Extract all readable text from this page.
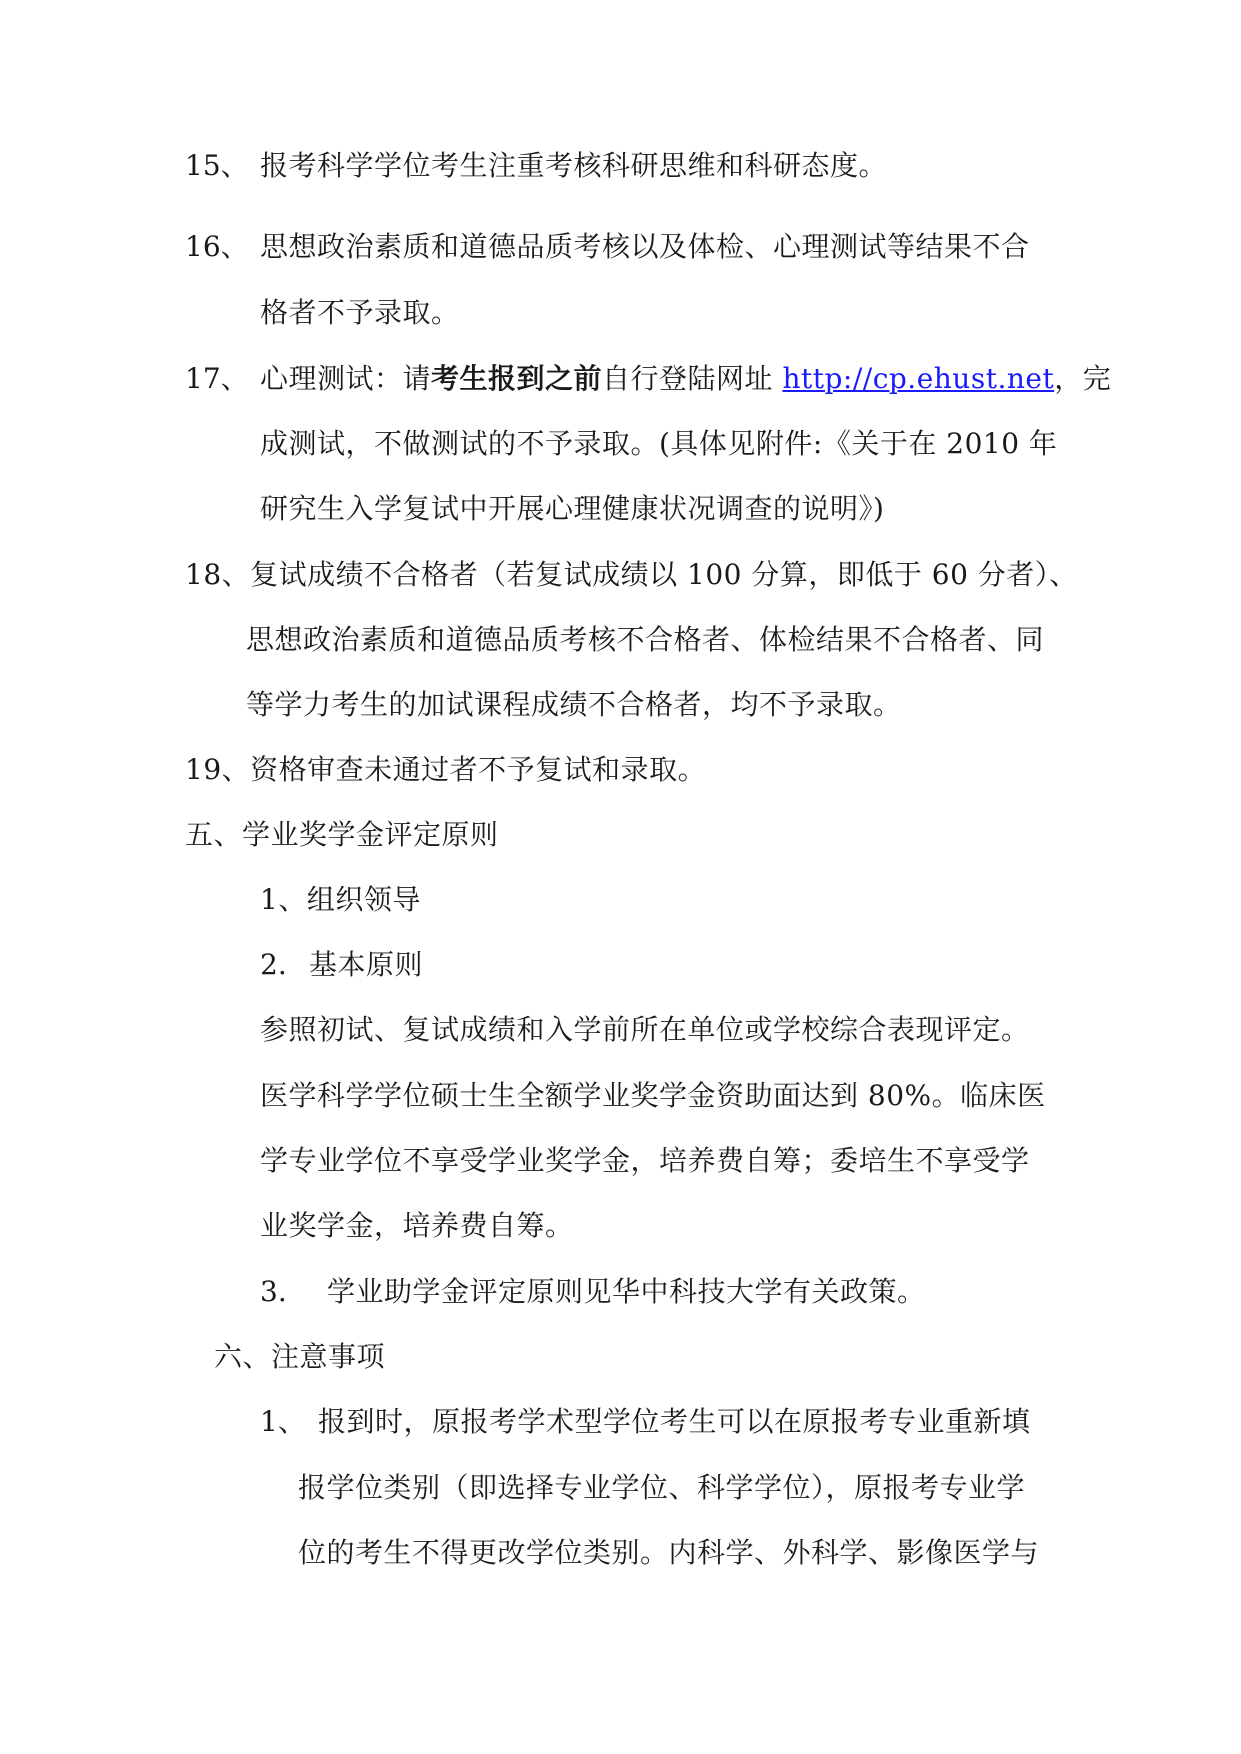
15、 报考科学学位考生注重考核科研思维和科研态度。
16、 思想政治素质和道德品质考核以及体检、心理测试等结果不合
格者不予录取。
17、 心理测试：请考生报到之前自行登陆网址 http://cp.ehust.net，完
成测试，不做测试的不予录取。(具体见附件:《关于在 2010 年
研究生入学复试中开展心理健康状况调查的说明》)
18、复试成绩不合格者（若复试成绩以 100 分算，即低于 60 分者）、
思想政治素质和道德品质考核不合格者、体检结果不合格者、同
等学力考生的加试课程成绩不合格者，均不予录取。
19、资格审查未通过者不予复试和录取。
五、学业奖学金评定原则
1、组织领导
2. 基本原则
参照初试、复试成绩和入学前所在单位或学校综合表现评定。
医学科学学位硕士生全额学业奖学金资助面达到 80%。临床医
学专业学位不享受学业奖学金，培养费自筹；委培生不享受学
业奖学金，培养费自筹。
3. 学业助学金评定原则见华中科技大学有关政策。
六、注意事项
1、 报到时，原报考学术型学位考生可以在原报考专业重新填
报学位类别（即选择专业学位、科学学位），原报考专业学
位的考生不得更改学位类别。内科学、外科学、影像医学与
